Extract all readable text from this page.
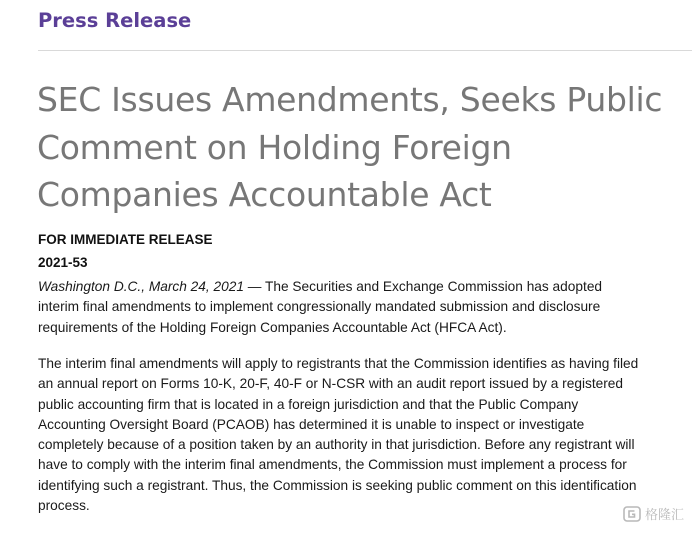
Press Release
SEC Issues Amendments, Seeks Public
Comment on Holding Foreign
Companies Accountable Act
FOR IMMEDIATE RELEASE
2021-53

Washington D.C., March 24, 2021 — The Securities and Exchange Commission has adopted
interim final amendments to implement congressionally mandated submission and disclosure
requirements of the Holding Foreign Companies Accountable Act (HFCA Act).

The interim final amendments will apply to registrants that the Commission identifies as having filed
an annual report on Forms 10-K, 20-F, 40-F or N-CSR with an audit report issued by a registered
public accounting firm that is located in a foreign jurisdiction and that the Public Company
Accounting Oversight Board (PCAOB) has determined it is unable to inspect or investigate
completely because of a position taken by an authority in that jurisdiction. Before any registrant will
have to comply with the interim final amendments, the Commission must implement a process for
identifying such a registrant. Thus, the Commission is seeking public comment on this identification
process.

格隆汇
